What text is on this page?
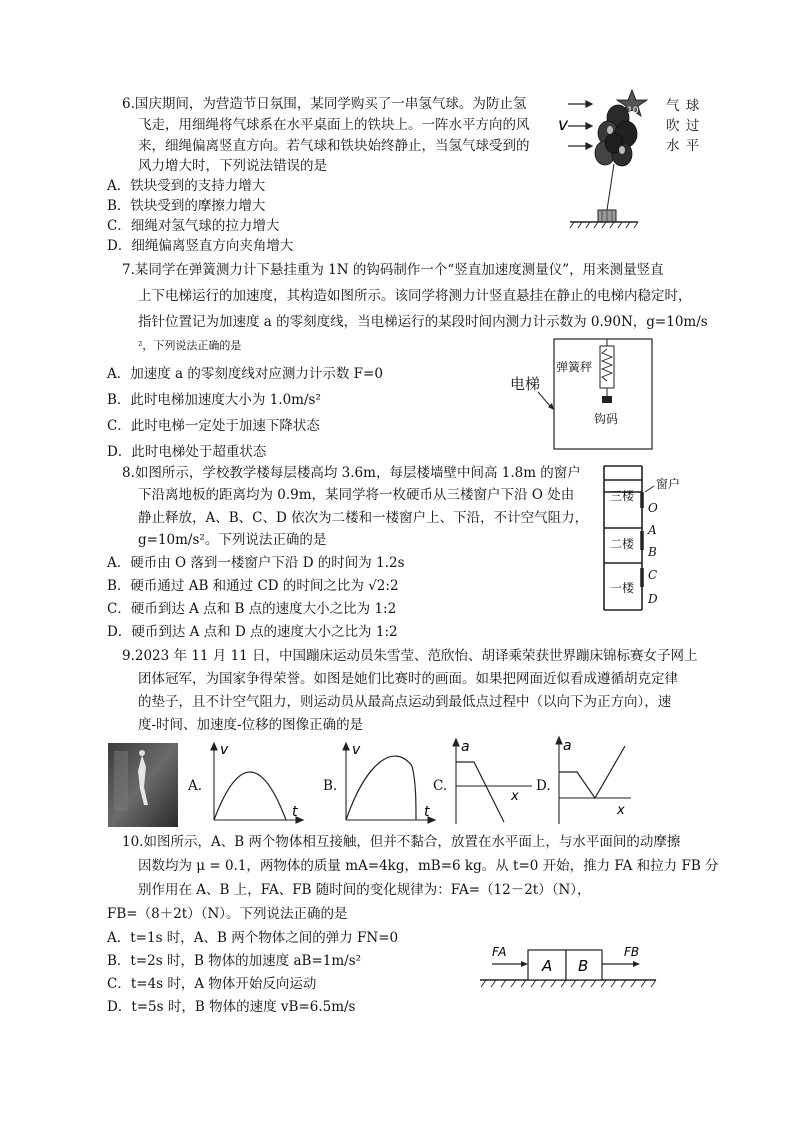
6.国庆期间，为营造节日氛围，某同学购买了一串氢气球。为防止氢
飞走，用细绳将气球系在水平桌面上的铁块上。一阵水平方向的风
来，细绳偏离竖直方向。若气球和铁块始终静止，当氢气球受到的
风力增大时，下列说法错误的是
A．铁块受到的支持力增大
B．铁块受到的摩擦力增大
C．细绳对氢气球的拉力增大
D．细绳偏离竖直方向夹角增大
v
10 气 球
吹 过
水 平
7.某同学在弹簧测力计下悬挂重为 1N 的钩码制作一个“竖直加速度测量仪”，用来测量竖直
上下电梯运行的加速度，其构造如图所示。该同学将测力计竖直悬挂在静止的电梯内稳定时，
指针位置记为加速度 a 的零刻度线，当电梯运行的某段时间内测力计示数为 0.90N，g=10m/s
²，下列说法正确的是
A．加速度 a 的零刻度线对应测力计示数 F=0
B．此时电梯加速度大小为 1.0m/s²
C．此时电梯一定处于加速下降状态
D．此时电梯处于超重状态
弹簧秤
电梯
钩码
8.如图所示，学校教学楼每层楼高均 3.6m，每层楼墙壁中间高 1.8m 的窗户
下沿离地板的距离均为 0.9m，某同学将一枚硬币从三楼窗户下沿 O 处由
静止释放，A、B、C、D 依次为二楼和一楼窗户上、下沿，不计空气阻力，
g=10m/s²。下列说法正确的是
A．硬币由 O 落到一楼窗户下沿 D 的时间为 1.2s
B．硬币通过 AB 和通过 CD 的时间之比为 √2:2
C．硬币到达 A 点和 B 点的速度大小之比为 1:2
D．硬币到达 A 点和 D 点的速度大小之比为 1:2
窗户
三楼
二楼
一楼
O
A
B
C
D
9.2023 年 11 月 11 日，中国蹦床运动员朱雪莹、范欣怡、胡译乘荣获世界蹦床锦标赛女子网上
团体冠军，为国家争得荣誉。如图是她们比赛时的画面。如果把网面近似看成遵循胡克定律
的垫子，且不计空气阻力，则运动员从最高点运动到最低点过程中（以向下为正方向），速
度-时间、加速度-位移的图像正确的是
A.
v
t
B.
v
t
C.
a
x
D.
a
x
10.如图所示，A、B 两个物体相互接触，但并不黏合，放置在水平面上，与水平面间的动摩擦
因数均为 μ = 0.1，两物体的质量 mA=4kg，mB=6 kg。从 t=0 开始，推力 FA 和拉力 FB 分
别作用在 A、B 上，FA、FB 随时间的变化规律为：FA=（12－2t）（N），
FB=（8＋2t）（N）。下列说法正确的是
A．t=1s 时，A、B 两个物体之间的弹力 FN=0
B．t=2s 时，B 物体的加速度 aB=1m/s²
C．t=4s 时，A 物体开始反向运动
D．t=5s 时，B 物体的速度 vB=6.5m/s
A B
FA	FB
